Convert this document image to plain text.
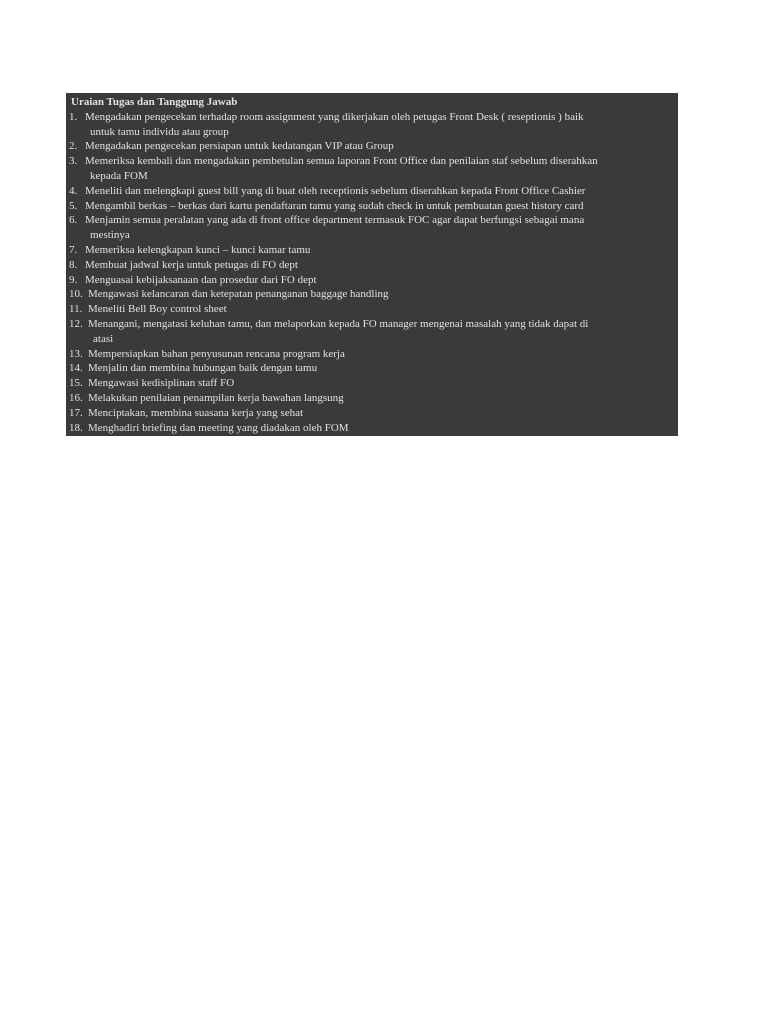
Uraian Tugas dan Tanggung Jawab
1. Mengadakan pengecekan terhadap room assignment yang dikerjakan oleh petugas Front Desk ( reseptionis ) baik
untuk tamu individu atau group
2. Mengadakan pengecekan persiapan untuk kedatangan VIP atau Group
3. Memeriksa kembali dan mengadakan pembetulan semua laporan Front Office dan penilaian staf sebelum diserahkan
kepada FOM
4. Meneliti dan melengkapi guest bill yang di buat oleh receptionis sebelum diserahkan kepada Front Office Cashier
5. Mengambil berkas – berkas dari kartu pendaftaran tamu yang sudah check in untuk pembuatan guest history card
6. Menjamin semua peralatan yang ada di front office department termasuk FOC agar dapat berfungsi sebagai mana
mestinya
7. Memeriksa kelengkapan kunci – kunci kamar tamu
8. Membuat jadwal kerja untuk petugas di FO dept
9. Menguasai kebijaksanaan dan prosedur dari FO dept
10. Mengawasi kelancaran dan ketepatan penanganan baggage handling
11. Meneliti Bell Boy control sheet
12. Menangani, mengatasi keluhan tamu, dan melaporkan kepada FO manager mengenai masalah yang tidak dapat di
atasi
13. Mempersiapkan bahan penyusunan rencana program kerja
14. Menjalin dan membina hubungan baik dengan tamu
15. Mengawasi kedisiplinan staff FO
16. Melakukan penilaian penampilan kerja bawahan langsung
17. Menciptakan, membina suasana kerja yang sehat
18. Menghadiri briefing dan meeting yang diadakan oleh FOM
